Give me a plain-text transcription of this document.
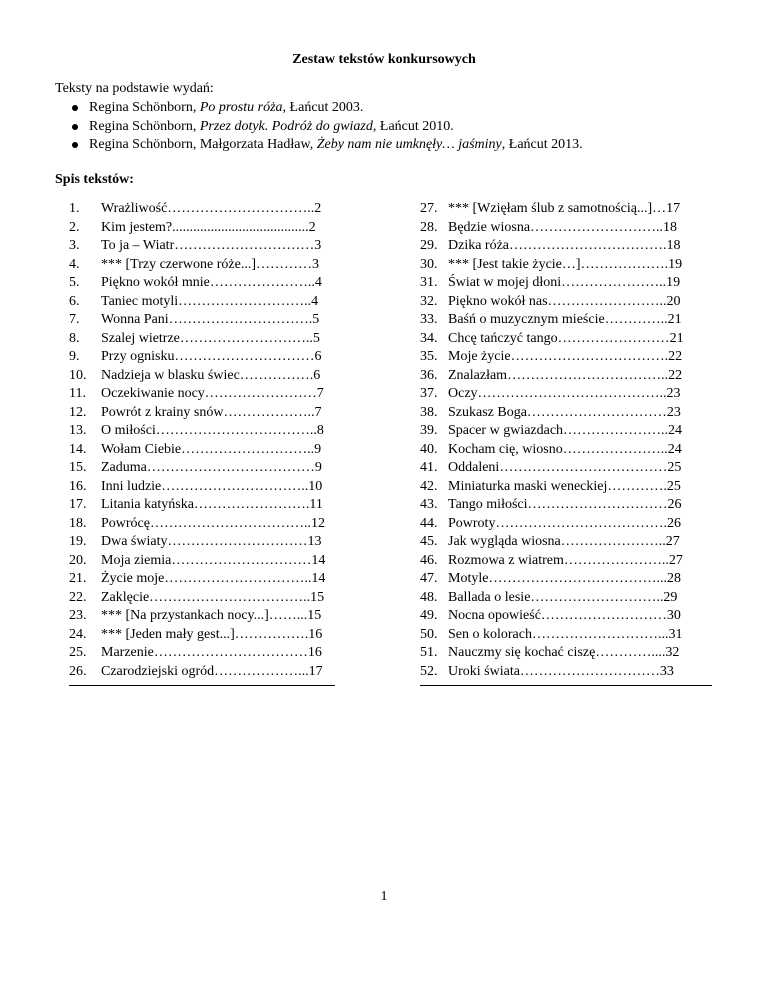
Zestaw tekstów konkursowych
Teksty na podstawie wydań:
Regina Schönborn, Po prostu róża, Łańcut 2003.
Regina Schönborn, Przez dotyk. Podróż do gwiazd, Łańcut 2010.
Regina Schönborn, Małgorzata Hadław, Żeby nam nie umknęły… jaśminy, Łańcut 2013.
Spis tekstów:
1.	Wrażliwość…………………………..2
2.	Kim jestem?.......................................2
3.	To ja – Wiatr…………………………3
4.	*** [Trzy czerwone róże...]…………3
5.	Piękno wokół mnie…………………..4
6.	Taniec motyli………………………..4
7.	Wonna Pani………………………….5
8.	Szalej wietrze………………………..5
9.	Przy ognisku…………………………6
10.	Nadzieja w blasku świec…………….6
11.	Oczekiwanie nocy……………………7
12.	Powrót z krainy snów………………..7
13.	O miłości……………………………..8
14.	Wołam Ciebie………………………..9
15.	Zaduma………………………………9
16.	Inni ludzie…………………………..10
17.	Litania katyńska…………………….11
18.	Powrócę……………………………..12
19.	Dwa światy…………………………13
20.	Moja ziemia…………………………14
21.	Życie moje…………………………..14
22.	Zaklęcie……………………………..15
23.	*** [Na przystankach nocy...]……...15
24.	*** [Jeden mały gest...]…………….16
25.	Marzenie……………………………16
26.	Czarodziejski ogród………………...17
27. *** [Wzięłam ślub z samotnością...]…17
28. Będzie wiosna………………………..18
29. Dzika róża…………………………….18
30. *** [Jest takie życie…]……………….19
31. Świat w mojej dłoni…………………..19
32. Piękno wokół nas……………………..20
33. Baśń o muzycznym mieście…………..21
34. Chcę tańczyć tango……………………21
35. Moje życie…………………………….22
36. Znalazłam……………………………..22
37. Oczy…………………………………..23
38. Szukasz Boga…………………………23
39. Spacer w gwiazdach…………………..24
40. Kocham cię, wiosno…………………..24
41. Oddaleni………………………………25
42. Miniaturka maski weneckiej………….25
43. Tango miłości…………………………26
44. Powroty……………………………….26
45. Jak wygląda wiosna…………………..27
46. Rozmowa z wiatrem…………………..27
47. Motyle………………………………...28
48. Ballada o lesie………………………..29
49. Nocna opowieść………………………30
50. Sen o kolorach………………………...31
51. Nauczmy się kochać ciszę…………....32
52. Uroki świata…………………………33
1
